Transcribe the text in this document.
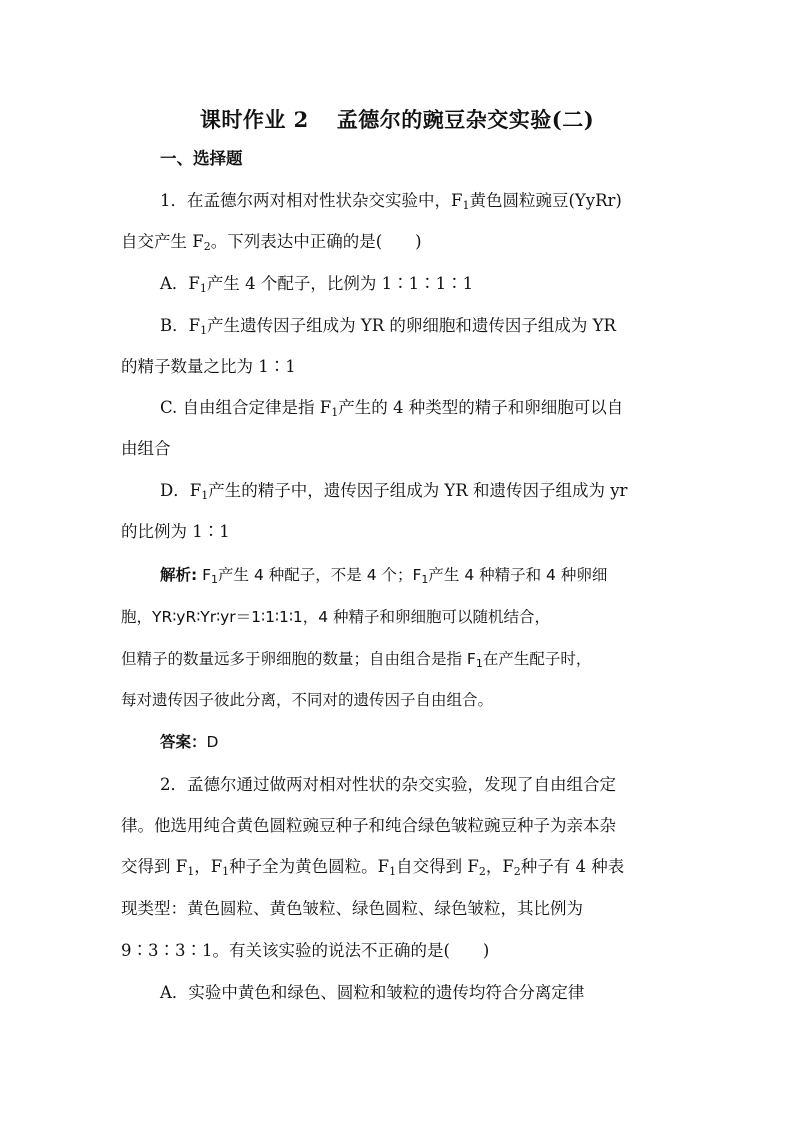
课时作业 2 孟德尔的豌豆杂交实验(二)
一、选择题
1．在孟德尔两对相对性状杂交实验中，$F_1$黄色圆粒豌豆(YyRr)
自交产生 $F_2$。下列表达中正确的是(　　)
A．$F_1$产生 4 个配子，比例为 1∶1∶1∶1
B．$F_1$产生遗传因子组成为 YR 的卵细胞和遗传因子组成为 YR
的精子数量之比为 1∶1
C. 自由组合定律是指 $F_1$产生的 4 种类型的精子和卵细胞可以自
由组合
D．$F_1$产生的精子中，遗传因子组成为 YR 和遗传因子组成为 yr
的比例为 1∶1
解析: $F_1$产生 4 种配子，不是 4 个；$F_1$产生 4 种精子和 4 种卵细
胞，YR∶yR∶Yr∶yr＝1∶1∶1∶1，4 种精子和卵细胞可以随机结合，
但精子的数量远多于卵细胞的数量；自由组合是指 $F_1$在产生配子时，
每对遗传因子彼此分离，不同对的遗传因子自由组合。
答案：D
2．孟德尔通过做两对相对性状的杂交实验，发现了自由组合定
律。他选用纯合黄色圆粒豌豆种子和纯合绿色皱粒豌豆种子为亲本杂
交得到 $F_1$，$F_1$种子全为黄色圆粒。$F_1$自交得到 $F_2$，$F_2$种子有 4 种表
现类型：黄色圆粒、黄色皱粒、绿色圆粒、绿色皱粒，其比例为
9∶3∶3∶1。有关该实验的说法不正确的是(　　)
A．实验中黄色和绿色、圆粒和皱粒的遗传均符合分离定律
